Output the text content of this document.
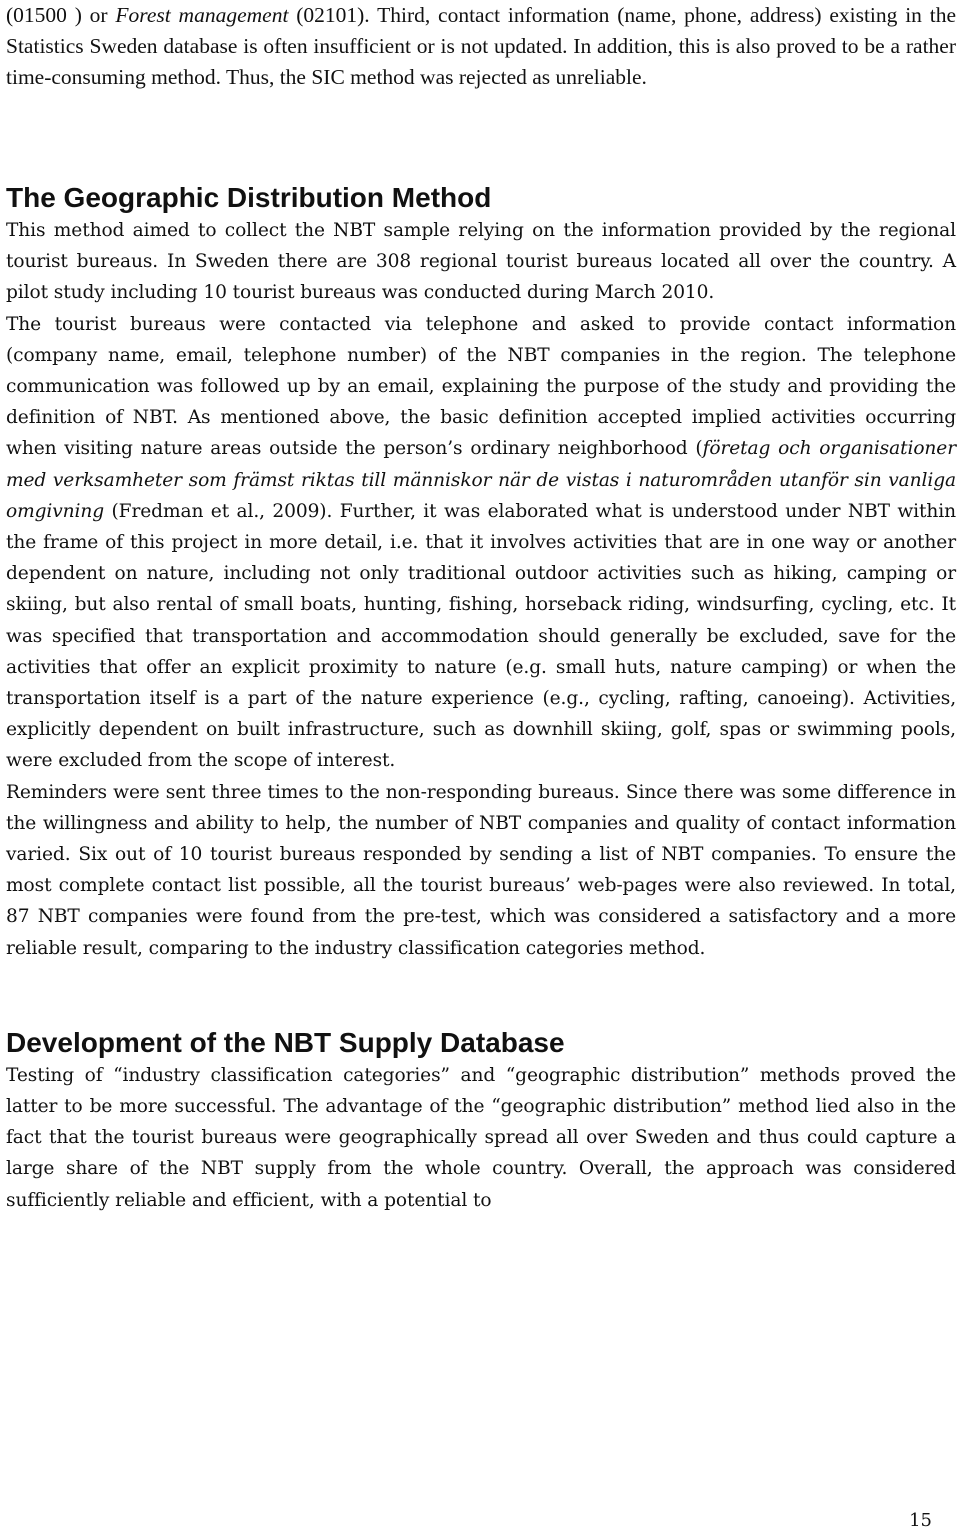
(01500 ) or Forest management (02101). Third, contact information (name, phone, address) existing in the Statistics Sweden database is often insufficient or is not updated. In addition, this is also proved to be a rather time-consuming method. Thus, the SIC method was rejected as unreliable.

The Geographic Distribution Method

This method aimed to collect the NBT sample relying on the information provided by the regional tourist bureaus. In Sweden there are 308 regional tourist bureaus located all over the country. A pilot study including 10 tourist bureaus was conducted during March 2010.

The tourist bureaus were contacted via telephone and asked to provide contact information (company name, email, telephone number) of the NBT companies in the region. The telephone communication was followed up by an email, explaining the purpose of the study and providing the definition of NBT. As mentioned above, the basic definition accepted implied activities occurring when visiting nature areas outside the person’s ordinary neighborhood (företag och organisationer med verksamheter som främst riktas till människor när de vistas i naturområden utanför sin vanliga omgivning (Fredman et al., 2009). Further, it was elaborated what is understood under NBT within the frame of this project in more detail, i.e. that it involves activities that are in one way or another dependent on nature, including not only traditional outdoor activities such as hiking, camping or skiing, but also rental of small boats, hunting, fishing, horseback riding, windsurfing, cycling, etc. It was specified that transportation and accommodation should generally be excluded, save for the activities that offer an explicit proximity to nature (e.g. small huts, nature camping) or when the transportation itself is a part of the nature experience (e.g., cycling, rafting, canoeing). Activities, explicitly dependent on built infrastructure, such as downhill skiing, golf, spas or swimming pools, were excluded from the scope of interest.

Reminders were sent three times to the non-responding bureaus. Since there was some difference in the willingness and ability to help, the number of NBT companies and quality of contact information varied. Six out of 10 tourist bureaus responded by sending a list of NBT companies. To ensure the most complete contact list possible, all the tourist bureaus’ web-pages were also reviewed. In total, 87 NBT companies were found from the pre-test, which was considered a satisfactory and a more reliable result, comparing to the industry classification categories method.

Development of the NBT Supply Database

Testing of “industry classification categories” and “geographic distribution” methods proved the latter to be more successful. The advantage of the “geographic distribution” method lied also in the fact that the tourist bureaus were geographically spread all over Sweden and thus could capture a large share of the NBT supply from the whole country. Overall, the approach was considered sufficiently reliable and efficient, with a potential to

15
